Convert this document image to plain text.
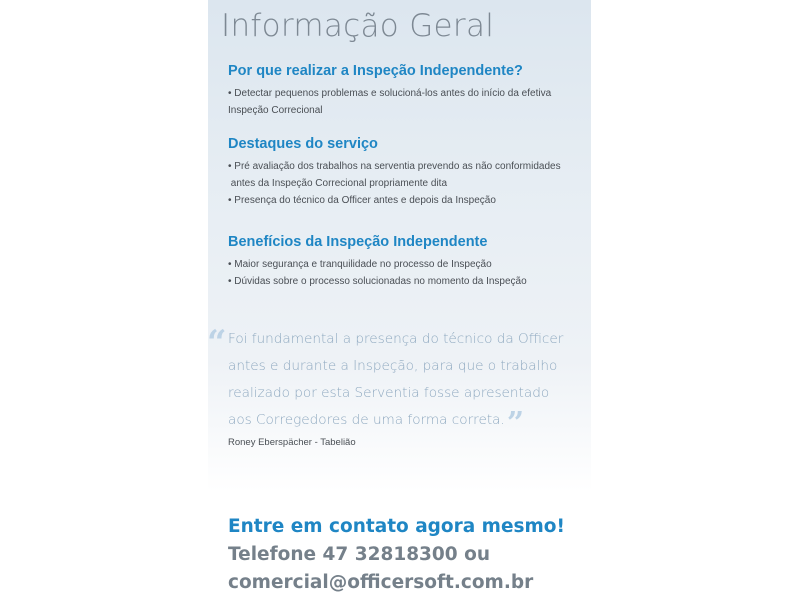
Informação Geral
Por que realizar a Inspeção Independente?
• Detectar pequenos problemas e solucioná-los antes do início da efetiva
Inspeção Correcional
Destaques do serviço
• Pré avaliação dos trabalhos na serventia prevendo as não conformidades
antes da Inspeção Correcional propriamente dita
• Presença do técnico da Officer antes e depois da Inspeção
Benefícios da Inspeção Independente
• Maior segurança e tranquilidade no processo de Inspeção
• Dúvidas sobre o processo solucionadas no momento da Inspeção
“ Foi fundamental a presença do técnico da Officer
antes e durante a Inspeção, para que o trabalho
realizado por esta Serventia fosse apresentado
aos Corregedores de uma forma correta.”
Roney Eberspächer - Tabelião
Entre em contato agora mesmo!
Telefone 47 32818300 ou
comercial@officersoft.com.br
